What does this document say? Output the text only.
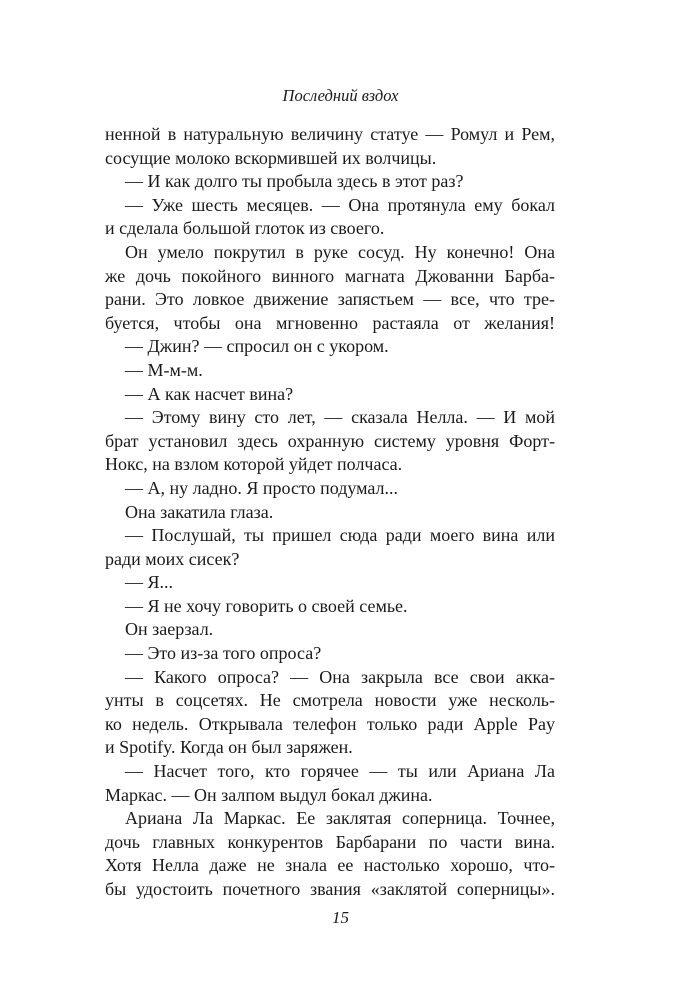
Последний вздох
ненной в натуральную величину статуе — Ромул и Рем,
сосущие молоко вскормившей их волчицы.
— И как долго ты пробыла здесь в этот раз?
— Уже шесть месяцев. — Она протянула ему бокал
и сделала большой глоток из своего.
Он умело покрутил в руке сосуд. Ну конечно! Она
же дочь покойного винного магната Джованни Барба-
рани. Это ловкое движение запястьем — все, что тре-
буется, чтобы она мгновенно растаяла от желания!
— Джин? — спросил он с укором.
— М-м-м.
— А как насчет вина?
— Этому вину сто лет, — сказала Нелла. — И мой
брат установил здесь охранную систему уровня Форт-
Нокс, на взлом которой уйдет полчаса.
— А, ну ладно. Я просто подумал...
Она закатила глаза.
— Послушай, ты пришел сюда ради моего вина или
ради моих сисек?
— Я...
— Я не хочу говорить о своей семье.
Он заерзал.
— Это из-за того опроса?
— Какого опроса? — Она закрыла все свои акка-
унты в соцсетях. Не смотрела новости уже несколь-
ко недель. Открывала телефон только ради Apple Pay
и Spotify. Когда он был заряжен.
— Насчет того, кто горячее — ты или Ариана Ла
Маркас. — Он залпом выдул бокал джина.
Ариана Ла Маркас. Ее заклятая соперница. Точнее,
дочь главных конкурентов Барбарани по части вина.
Хотя Нелла даже не знала ее настолько хорошо, что-
бы удостоить почетного звания «заклятой соперницы».
15
